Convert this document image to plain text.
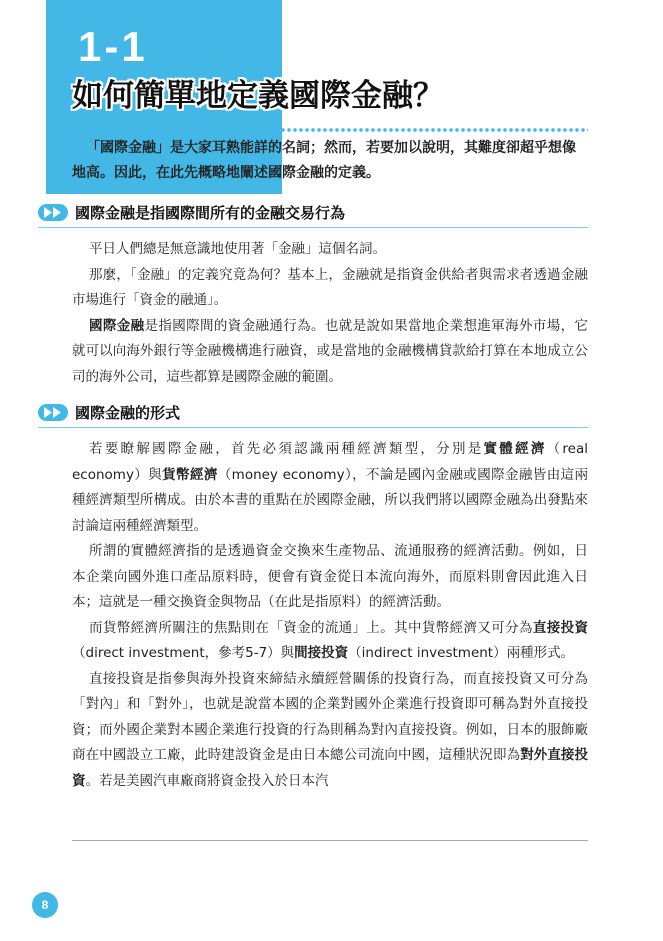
1-1
如何簡單地定義國際金融？

「國際金融」是大家耳熟能詳的名詞；然而，若要加以說明，其難度卻超乎想像地高。因此，在此先概略地闡述國際金融的定義。

國際金融是指國際間所有的金融交易行為

平日人們總是無意識地使用著「金融」這個名詞。

那麼，「金融」的定義究竟為何？基本上，金融就是指資金供給者與需求者透過金融市場進行「資金的融通」。

國際金融是指國際間的資金融通行為。也就是說如果當地企業想進軍海外市場，它就可以向海外銀行等金融機構進行融資，或是當地的金融機構貸款給打算在本地成立公司的海外公司，這些都算是國際金融的範圍。

國際金融的形式

若要瞭解國際金融，首先必須認識兩種經濟類型，分別是實體經濟（real economy）與貨幣經濟（money economy），不論是國內金融或國際金融皆由這兩種經濟類型所構成。由於本書的重點在於國際金融，所以我們將以國際金融為出發點來討論這兩種經濟類型。

所謂的實體經濟指的是透過資金交換來生產物品、流通服務的經濟活動。例如，日本企業向國外進口產品原料時，便會有資金從日本流向海外，而原料則會因此進入日本；這就是一種交換資金與物品（在此是指原料）的經濟活動。

而貨幣經濟所關注的焦點則在「資金的流通」上。其中貨幣經濟又可分為直接投資（direct investment，參考5-7）與間接投資（indirect investment）兩種形式。

直接投資是指參與海外投資來締結永續經營關係的投資行為，而直接投資又可分為「對內」和「對外」，也就是說當本國的企業對國外企業進行投資即可稱為對外直接投資；而外國企業對本國企業進行投資的行為則稱為對內直接投資。例如，日本的服飾廠商在中國設立工廠，此時建設資金是由日本總公司流向中國，這種狀況即為對外直接投資。若是美國汽車廠商將資金投入於日本汽

8
